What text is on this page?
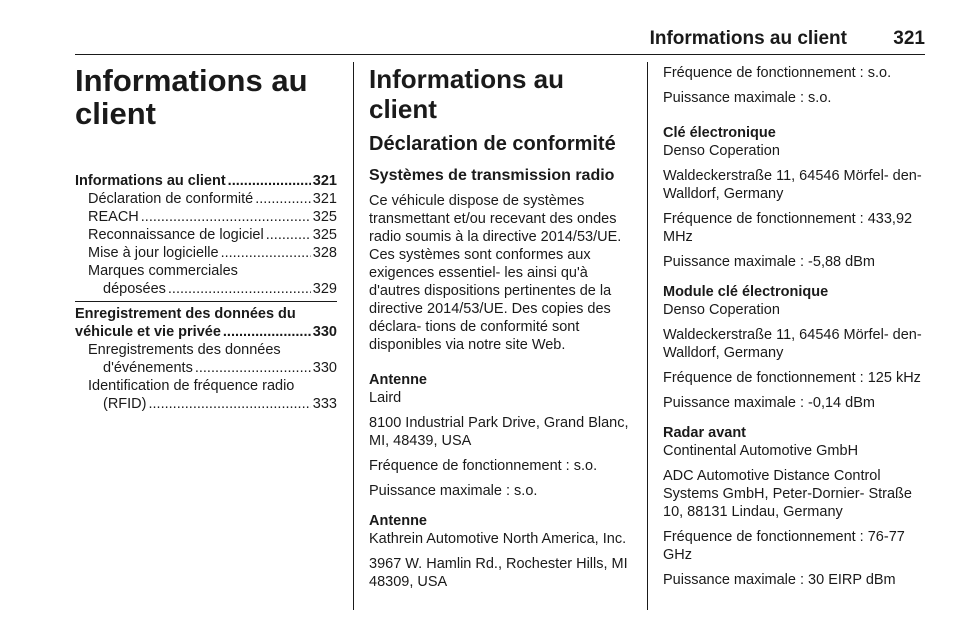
Informations au client 321
Informations au
client
Informations au client .....	321
Déclaration de conformité .....	321
REACH .....	325
Reconnaissance de logiciel .....	325
Mise à jour logicielle .....	328
Marques commerciales
déposées .....	329
Enregistrement des données du
véhicule et vie privée .....	330
Enregistrements des données
d'événements .....	330
Identification de fréquence radio
(RFID) .....	333
Informations au client
Déclaration de conformité
Systèmes de transmission radio

Ce véhicule dispose de systèmes transmettant et/ou recevant des ondes radio soumis à la directive 2014/53/UE. Ces systèmes sont conformes aux exigences essentiel- les ainsi qu'à d'autres dispositions pertinentes de la directive 2014/53/UE. Des copies des déclara- tions de conformité sont disponibles via notre site Web.

Antenne

Laird

8100 Industrial Park Drive, Grand Blanc, MI, 48439, USA

Fréquence de fonctionnement : s.o.

Puissance maximale : s.o.

Antenne

Kathrein Automotive North America, Inc.

3967 W. Hamlin Rd., Rochester Hills, MI 48309, USA

Fréquence de fonctionnement : s.o.

Puissance maximale : s.o.

Clé électronique

Denso Coperation

Waldeckerstraße 11, 64546 Mörfel- den-Walldorf, Germany

Fréquence de fonctionnement : 433,92 MHz

Puissance maximale : -5,88 dBm

Module clé électronique

Denso Coperation

Waldeckerstraße 11, 64546 Mörfel- den-Walldorf, Germany

Fréquence de fonctionnement : 125 kHz

Puissance maximale : -0,14 dBm

Radar avant

Continental Automotive GmbH

ADC Automotive Distance Control Systems GmbH, Peter-Dornier- Straße 10, 88131 Lindau, Germany

Fréquence de fonctionnement : 76-77 GHz

Puissance maximale : 30 EIRP dBm
